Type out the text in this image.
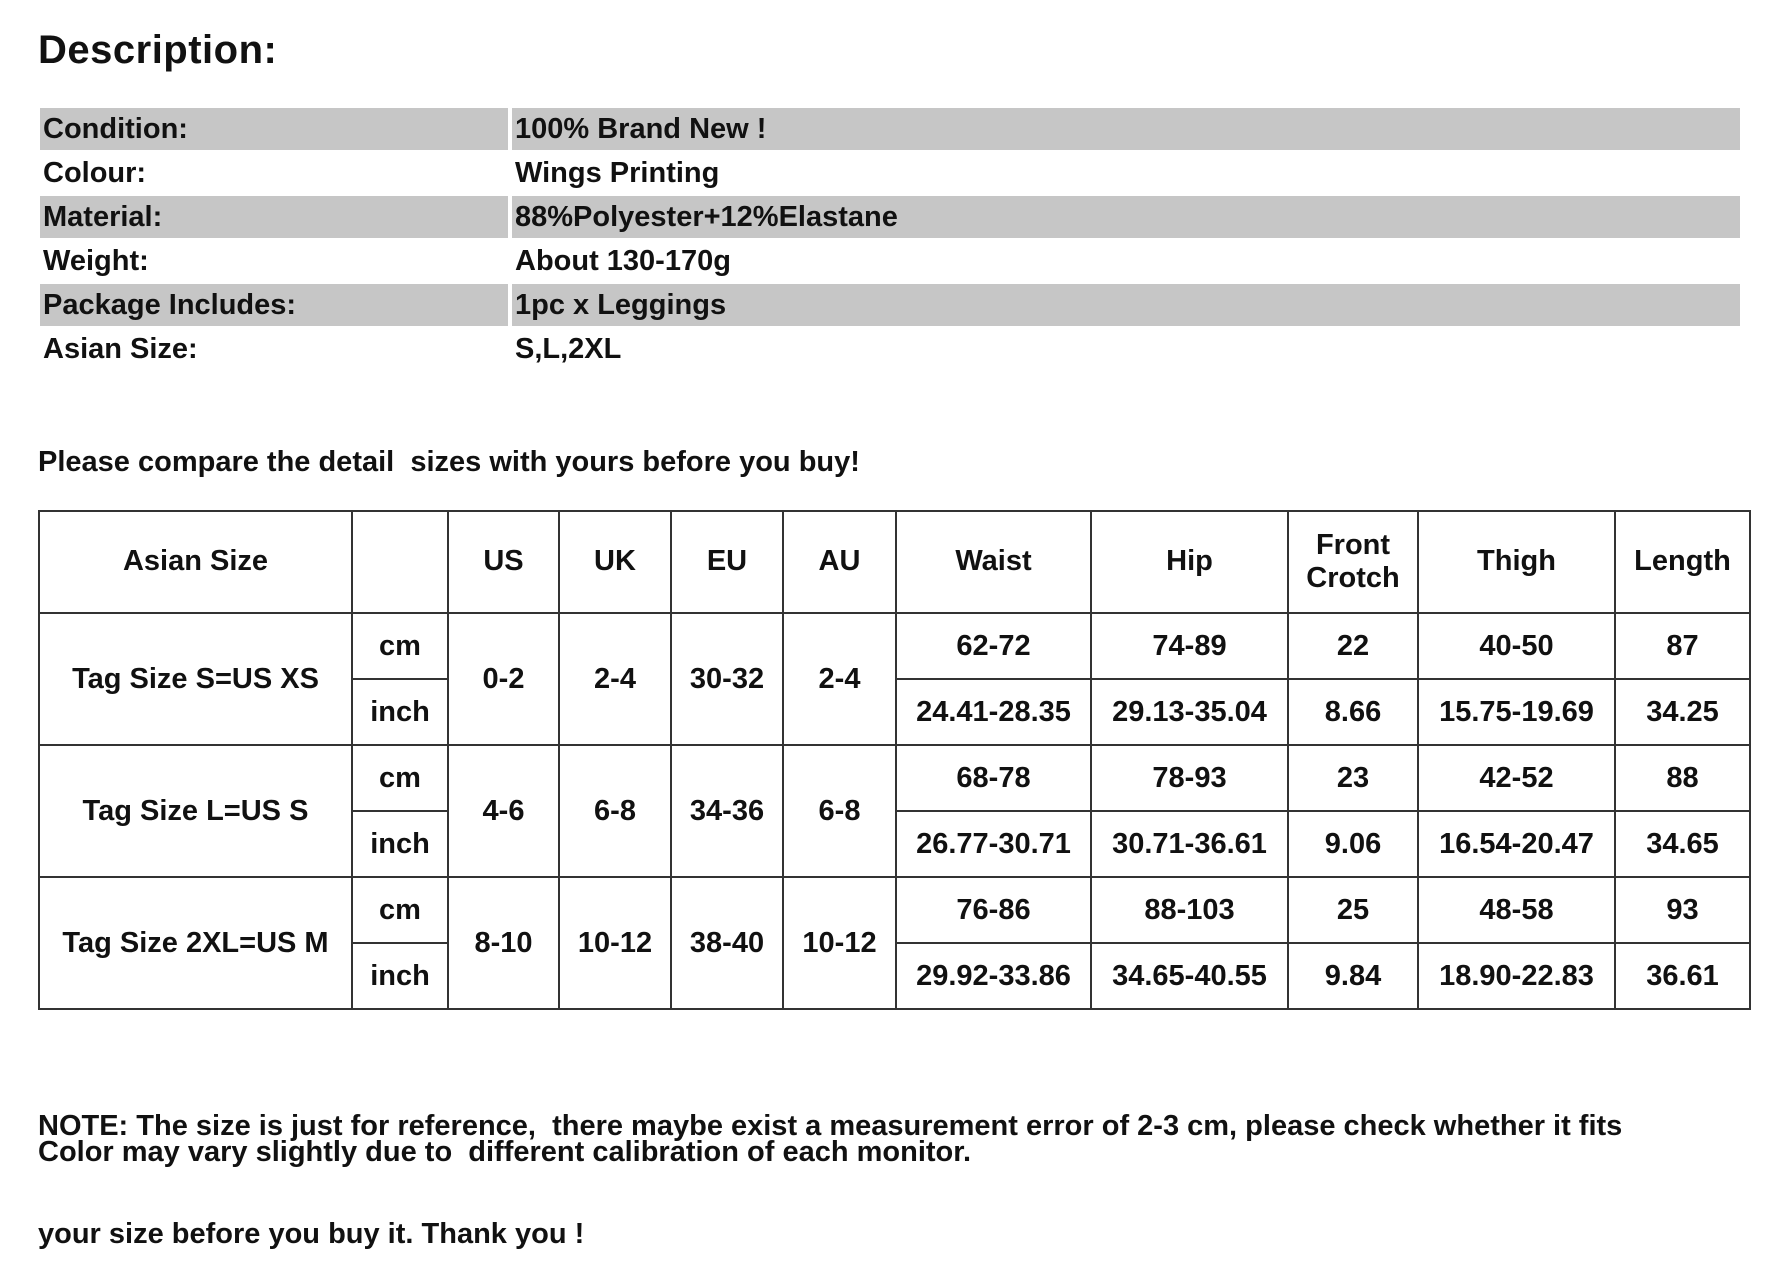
Description:
Condition:	100% Brand New !
Colour:	Wings Printing
Material:	88%Polyester+12%Elastane
Weight:	About 130-170g
Package Includes:	1pc x Leggings
Asian Size:	S,L,2XL
Please compare the detail  sizes with yours before you buy!
Asian Size		US	UK	EU	AU	Waist	Hip	Front Crotch	Thigh	Length
Tag Size S=US XS	cm	0-2	2-4	30-32	2-4	62-72	74-89	22	40-50	87
	inch					24.41-28.35	29.13-35.04	8.66	15.75-19.69	34.25
Tag Size L=US S	cm	4-6	6-8	34-36	6-8	68-78	78-93	23	42-52	88
	inch					26.77-30.71	30.71-36.61	9.06	16.54-20.47	34.65
Tag Size 2XL=US M	cm	8-10	10-12	38-40	10-12	76-86	88-103	25	48-58	93
	inch					29.92-33.86	34.65-40.55	9.84	18.90-22.83	36.61

NOTE: The size is just for reference,  there maybe exist a measurement error of 2-3 cm, please check whether it fits

your size before you buy it. Thank you !

Color may vary slightly due to  different calibration of each monitor.
